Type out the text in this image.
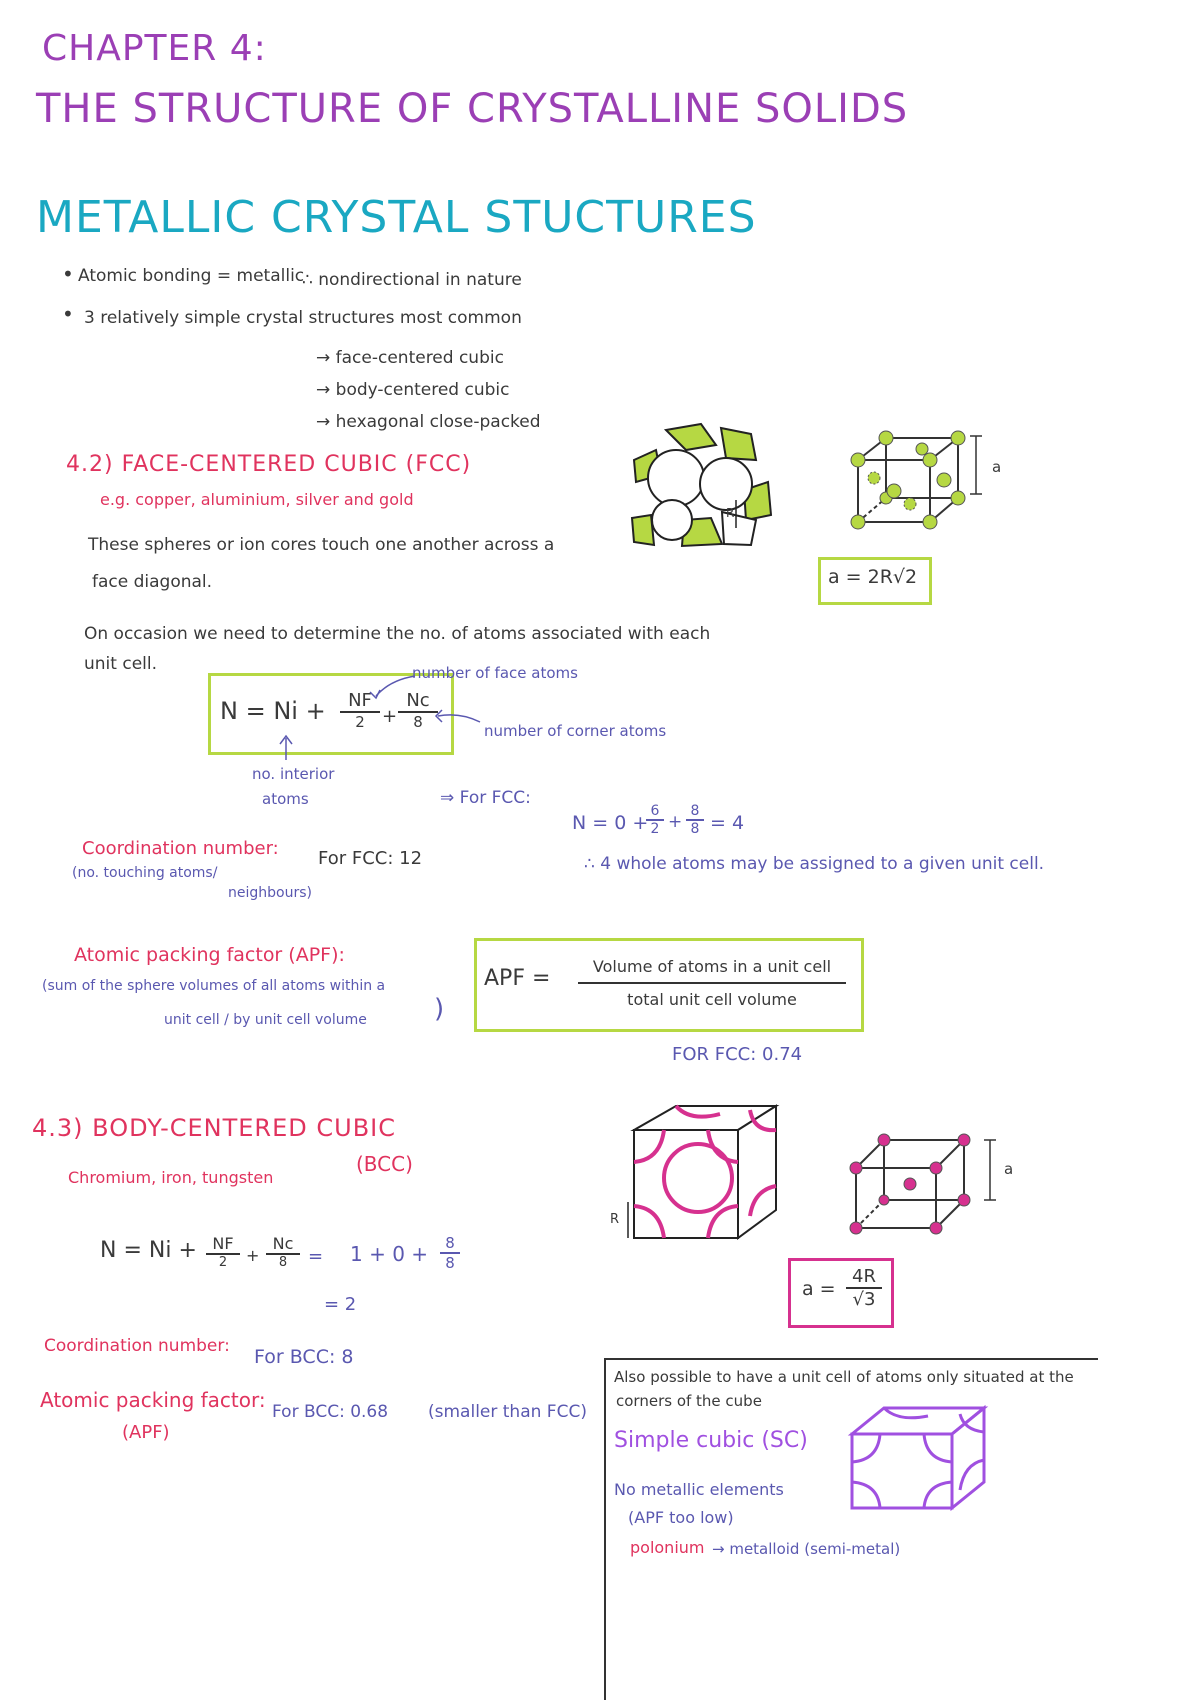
CHAPTER 4:
THE STRUCTURE OF CRYSTALLINE SOLIDS
METALLIC CRYSTAL STUCTURES
• Atomic bonding = metallic
∴ nondirectional in nature
• 3 relatively simple crystal structures most common
→ face-centered cubic
→ body-centered cubic
→ hexagonal close-packed
4.2) FACE-CENTERED CUBIC (FCC)
e.g. copper, aluminium, silver and gold
These spheres or ion cores touch one another across a
face diagonal.
R
a
a = 2R√2
On occasion we need to determine the no. of atoms associated with each
unit cell.
N = Ni +	NF
2 +
Nc
8
number of face atoms
number of corner atoms
no. interior
atoms	⇒ For FCC:
N = 0 +
$\frac{6}{2} + \frac{8}{8} = 4$
∴ 4 whole atoms may be assigned to a given unit cell.
Coordination number:
(no. touching atoms/
neighbours)
For FCC: 12
Atomic packing factor (APF):
(sum of the sphere volumes of all atoms within a
unit cell / by unit cell volume	)
APF =	Volume of atoms in a unit cell
total unit cell volume
FOR FCC: 0.74
4.3) BODY-CENTERED CUBIC
(BCC)
Chromium, iron, tungsten
R
a
$a = \frac{4R}{√3}$
N = Ni + NF
2	+
Nc
8	= $1 + 0 + \frac{8}{8}$
= 2
Coordination number: For BCC: 8
Atomic packing factor:
(APF)
For BCC: 0.68 (smaller than FCC)
Also possible to have a unit cell of atoms only situated at the
corners of the cube
Simple cubic (SC)
No metallic elements
(APF too low)
polonium → metalloid (semi-metal)
